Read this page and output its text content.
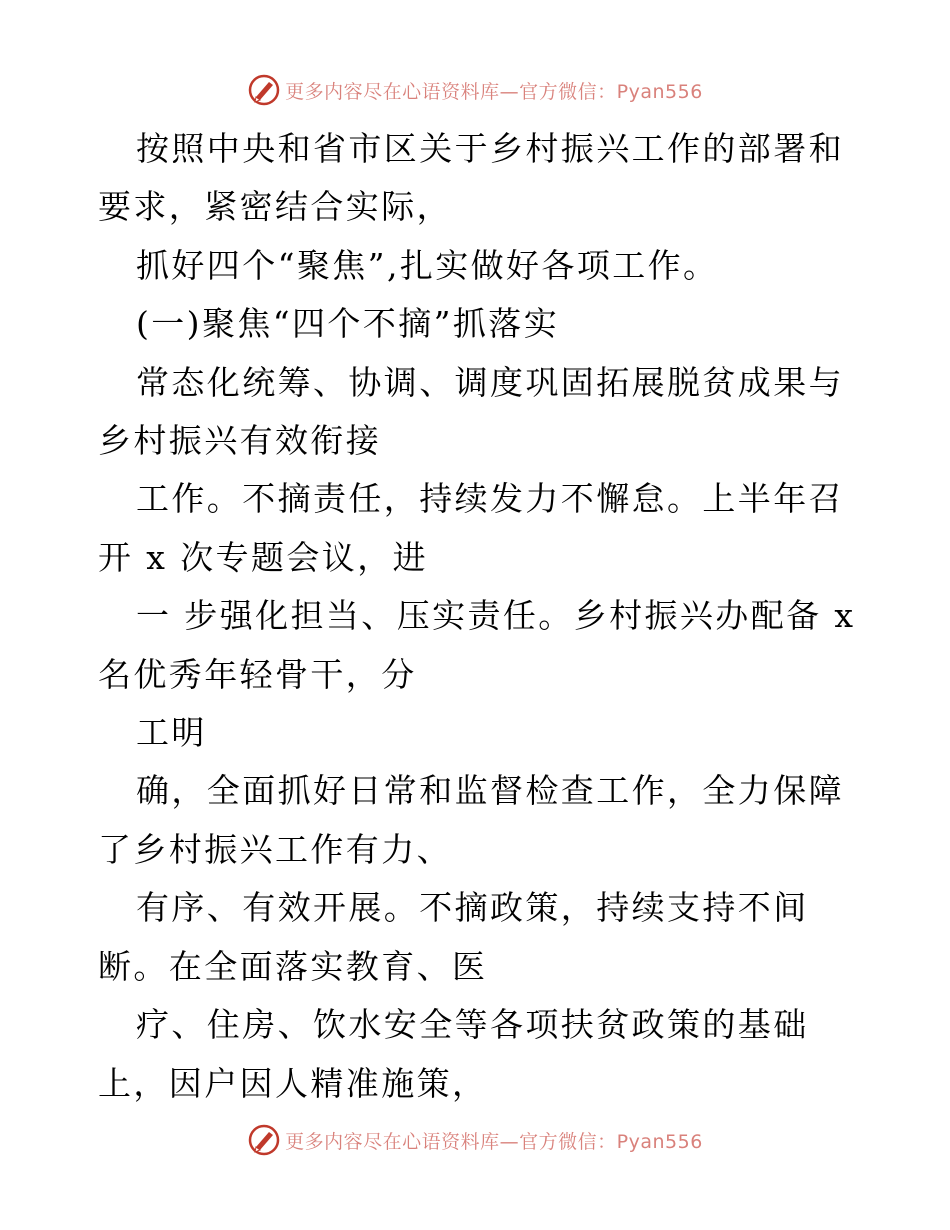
更多内容尽在心语资料库—官方微信：Pyan556

按照中央和省市区关于乡村振兴工作的部署和要求，紧密结合实际，

抓好四个“聚焦”,扎实做好各项工作。

(一)聚焦“四个不摘”抓落实

常态化统筹、协调、调度巩固拓展脱贫成果与乡村振兴有效衔接

工作。不摘责任，持续发力不懈怠。上半年召开 x 次专题会议，进

一 步强化担当、压实责任。乡村振兴办配备 x 名优秀年轻骨干，分

工明

确，全面抓好日常和监督检查工作，全力保障了乡村振兴工作有力、

有序、有效开展。不摘政策，持续支持不间断。在全面落实教育、医

疗、住房、饮水安全等各项扶贫政策的基础上，因户因人精准施策，

更多内容尽在心语资料库—官方微信：Pyan556
